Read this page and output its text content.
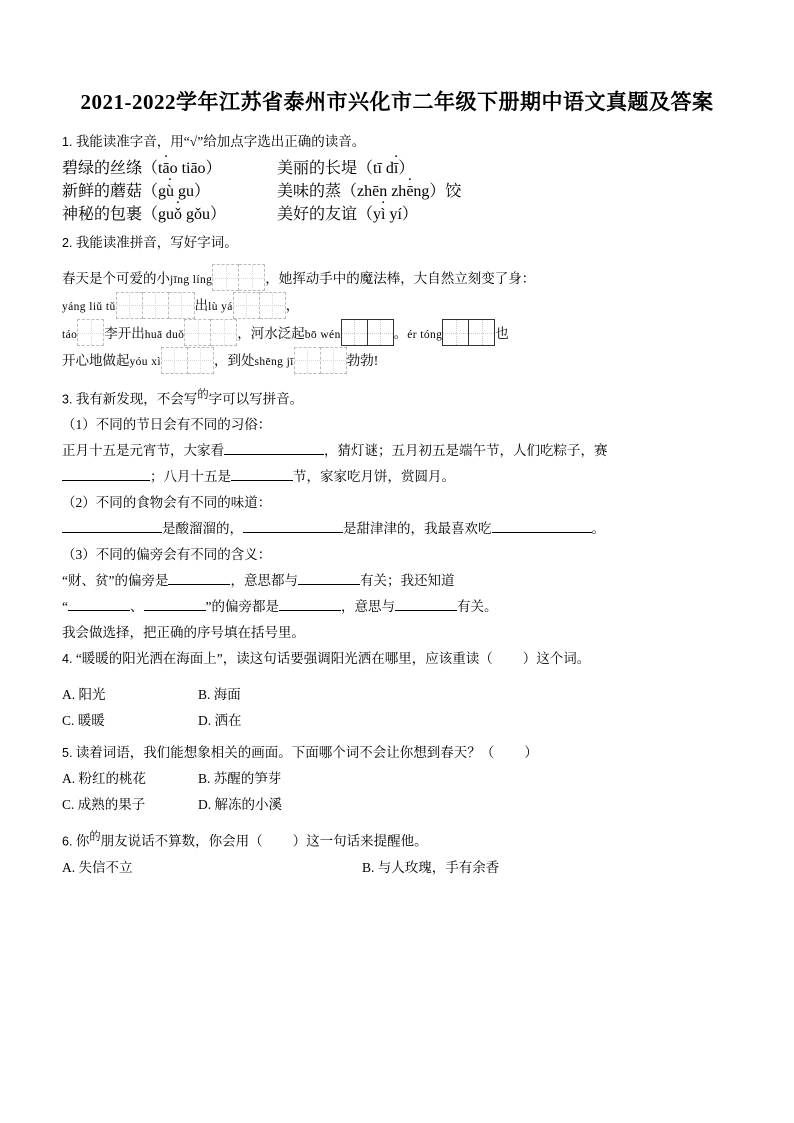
2021-2022学年江苏省泰州市兴化市二年级下册期中语文真题及答案

1. 我能读准字音，用“√”给加点字选出正确的读音。

碧绿的丝绦（tā ·o tiāo）	美丽的长堤（tī dī ·）
新鲜的蘑菇（gù · gu）	美味的蒸（zhēn zhē ·ng）饺
神秘的包裹（guǒ · gǒu）	美好的友谊（yì · yí）

2. 我能读准拼音，写好字词。

春天是个可爱的小jīng líng
		，她挥动手中的魔法棒，大自然立刻变了身：
yáng liǔ tǔ
			出lù yá
		，
táo 李开出huā duǒ
		，河水泛起bō wén
		。ér tóng
		也
开心地做起yóu xì
		，到处shēng jī
		勃勃!

3. 我有新发现，不会写$^的$字可以写拼音。

（1）不同的节日会有不同的习俗：

正月十五是元宵节，大家看	，猜灯谜；五月初五是端午节，人们吃粽子，赛

；八月十五是	节，家家吃月饼，赏圆月。

（2）不同的食物会有不同的味道：

是酸溜溜的，	是甜津津的，我最喜欢吃	。

（3）不同的偏旁会有不同的含义：

“财、贫”的偏旁是	，意思都与	有关；我还知道

“	、	”的偏旁都是	，意思与	有关。

我会做选择，把正确的序号填在括号里。

4. “暖暖的阳光洒在海面上”，读这句话要强调阳光洒在哪里，应该重读（ ）这个词。

A. 阳光	B. 海面
C. 暖暖	D. 洒在

5. 读着词语，我们能想象相关的画面。下面哪个词不会让你想到春天？（ ）

A. 粉红的桃花	B. 苏醒的笋芽
C. 成熟的果子	D. 解冻的小溪

6. 你$^的$朋友说话不算数，你会用（ ）这一句话来提醒他。

A. 失信不立	B. 与人玫瑰，手有余香
